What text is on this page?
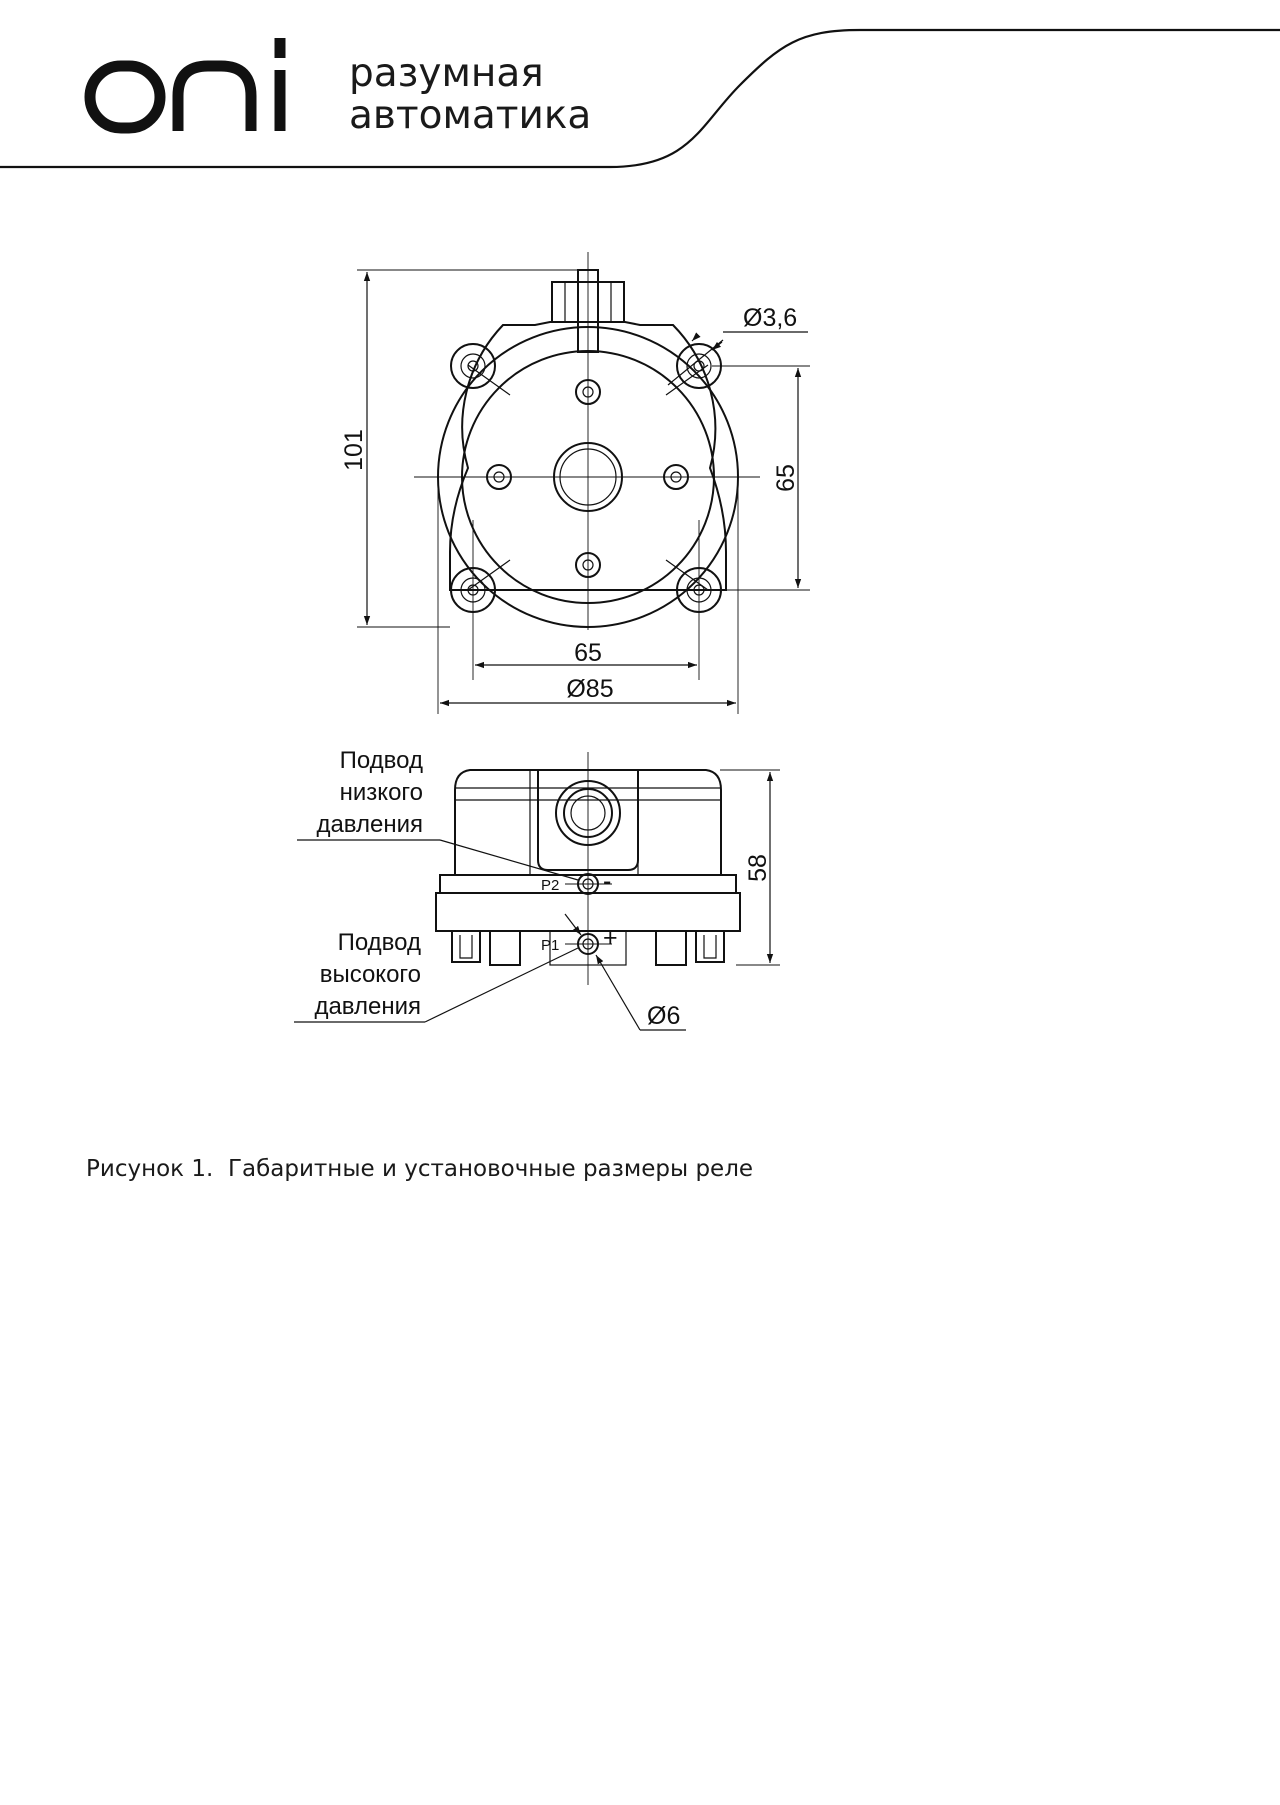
oni
разумная
автоматика
101
65
65
Ø85
Ø3,6
P2 -
P1 +
58
Подвод
низкого
давления
Подвод
высокого
давления	Ø6
Рисунок 1.  Габаритные и установочные размеры реле
